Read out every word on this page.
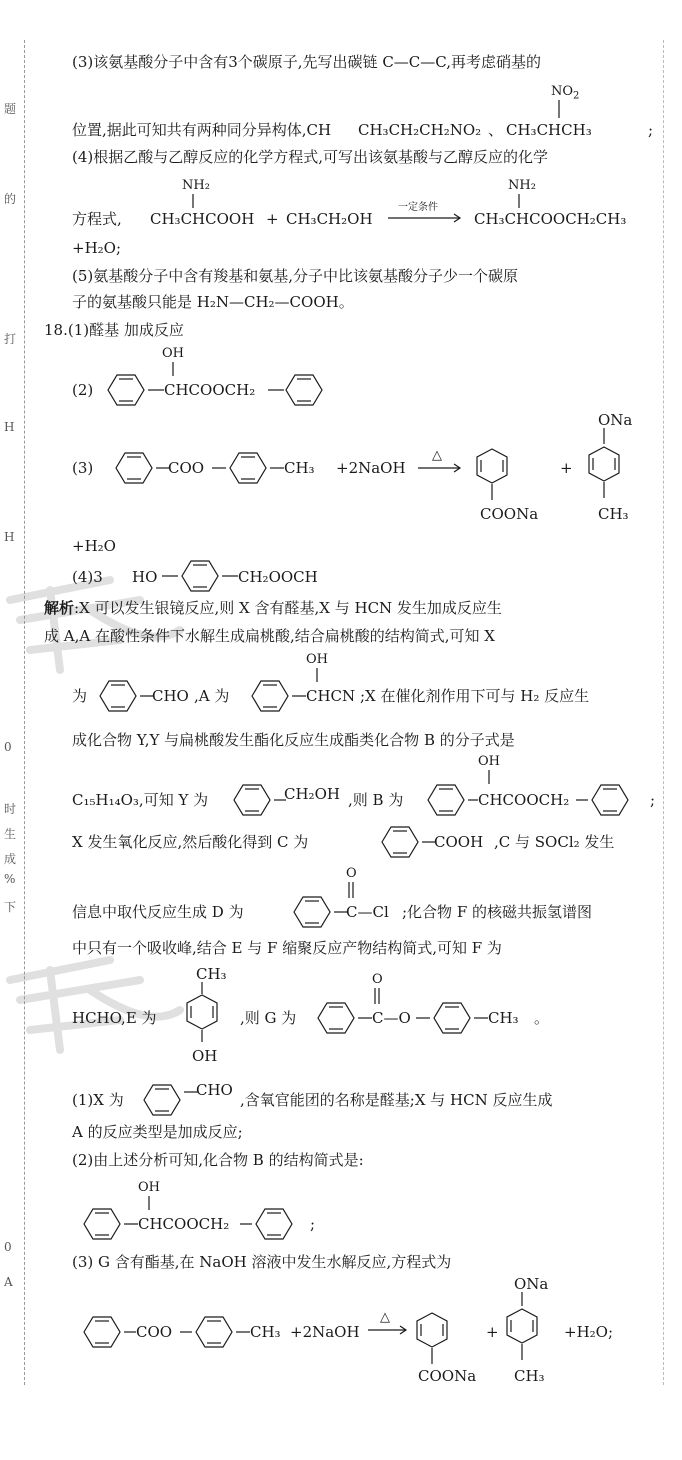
题
的
打
H
H
0
时
生
成
%
下
0
A
(3)该氨基酸分子中含有3个碳原子,先写出碳链 C—C—C,再考虑硝基的
$NO_2$
位置,据此可知共有两种同分异构体,CH CH₃CH₂CH₂NO₂ 、 CH₃CHCH₃	;
(4)根据乙酸与乙醇反应的化学方程式,可写出该氨基酸与乙醇反应的化学
NH₂	NH₂
方程式, CH₃CHCOOH + CH₃CH₂OH
一定条件
CH₃CHCOOCH₂CH₃
+H₂O;
(5)氨基酸分子中含有羧基和氨基,分子中比该氨基酸分子少一个碳原
子的氨基酸只能是 H₂N—CH₂—COOH。
18.(1)醛基 加成反应
(2)
OH
CHCOOCH₂
(3)	COO	CH₃ +2NaOH
△
COONa
+
ONa
CH₃
+H₂O
(4)3 HO	CH₂OOCH
解析:X 可以发生银镜反应,则 X 含有醛基,X 与 HCN 发生加成反应生
成 A,A 在酸性条件下水解生成扁桃酸,结合扁桃酸的结构简式,可知 X
为	CHO ,A 为
OH
CHCN ;X 在催化剂作用下可与 H₂ 反应生
成化合物 Y,Y 与扁桃酸发生酯化反应生成酯类化合物 B 的分子式是
C₁₅H₁₄O₃,可知 Y 为	CH₂OH ,则 B 为
OH
CHCOOCH₂	;
X 发生氧化反应,然后酸化得到 C 为	COOH ,C 与 SOCl₂ 发生
信息中取代反应生成 D 为
O
C—Cl ;化合物 F 的核磁共振氢谱图
中只有一个吸收峰,结合 E 与 F 缩聚反应产物结构简式,可知 F 为
HCHO,E 为
CH₃
OH
,则 G 为
O
C—O	CH₃ 。
(1)X 为
CHO
,含氧官能团的名称是醛基;X 与 HCN 反应生成
A 的反应类型是加成反应;
(2)由上述分析可知,化合物 B 的结构简式是:
OH
CHCOOCH₂	;
(3) G 含有酯基,在 NaOH 溶液中发生水解反应,方程式为
COO	CH₃ +2NaOH
△
COONa
+
ONa
CH₃
+H₂O;
